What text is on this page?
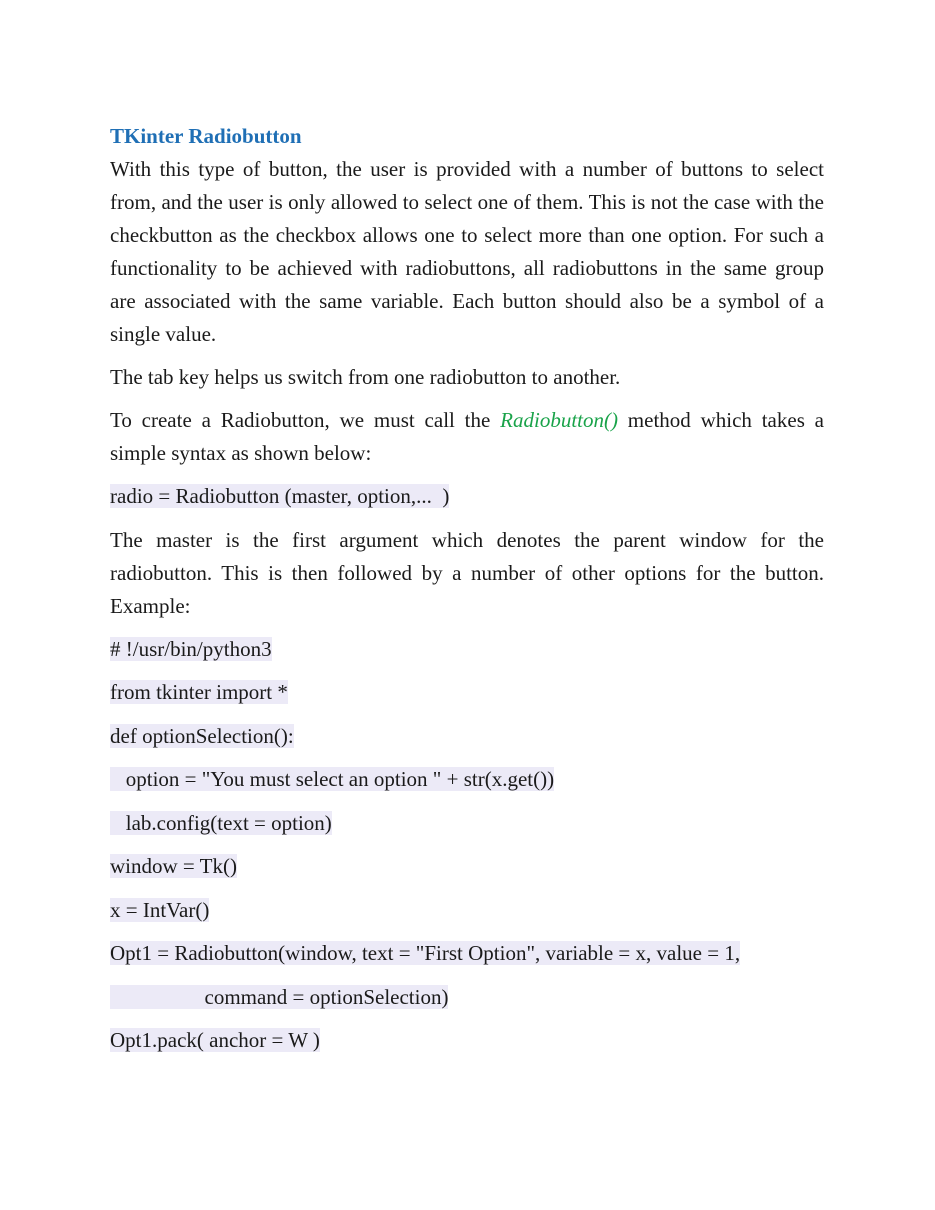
TKinter Radiobutton

With this type of button, the user is provided with a number of buttons to select from, and the user is only allowed to select one of them. This is not the case with the checkbutton as the checkbox allows one to select more than one option. For such a functionality to be achieved with radiobuttons, all radiobuttons in the same group are associated with the same variable. Each button should also be a symbol of a single value.

The tab key helps us switch from one radiobutton to another.

To create a Radiobutton, we must call the Radiobutton() method which takes a simple syntax as shown below:

radio = Radiobutton (master, option,...  )

The master is the first argument which denotes the parent window for the radiobutton. This is then followed by a number of other options for the button. Example:

# !/usr/bin/python3
from tkinter import *
def optionSelection():
option = "You must select an option " + str(x.get())
lab.config(text = option)
window = Tk()
x = IntVar()
Opt1 = Radiobutton(window, text = "First Option", variable = x, value = 1,
command = optionSelection)
Opt1.pack( anchor = W )
